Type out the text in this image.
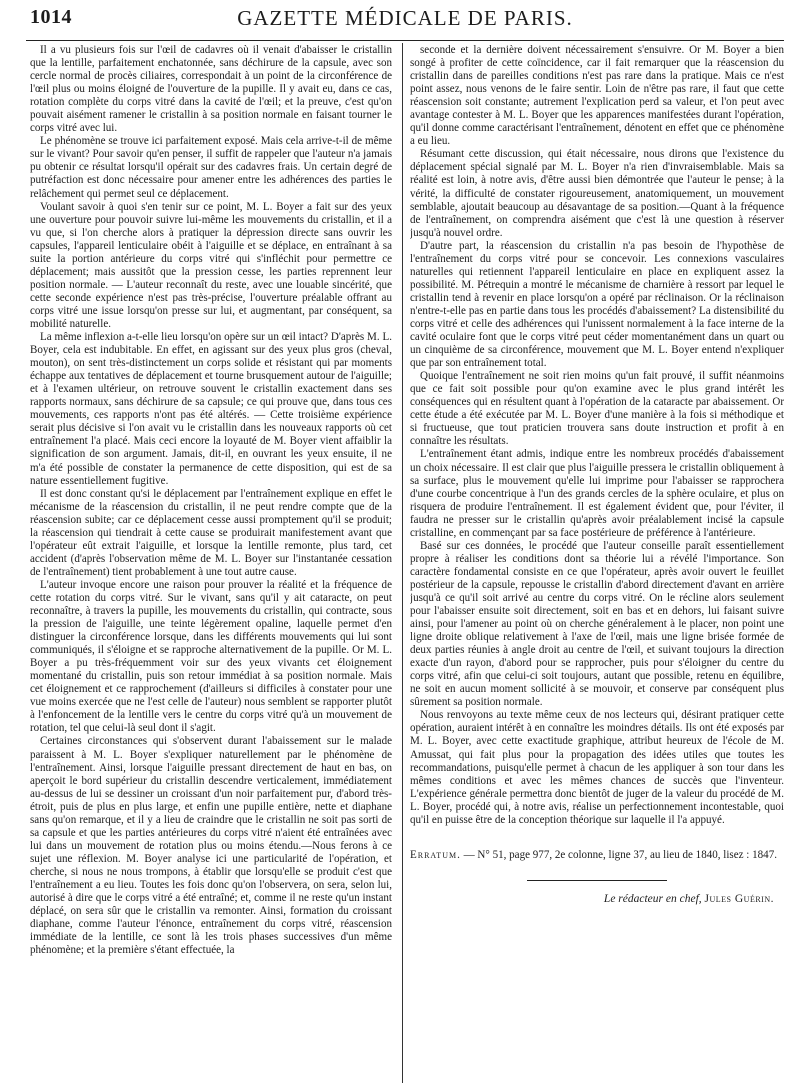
1014	GAZETTE MÉDICALE DE PARIS.

Il a vu plusieurs fois sur l'œil de cadavres où il venait d'abaisser le cristallin que la lentille, parfaitement enchatonnée, sans déchirure de la capsule, avec son cercle normal de procès ciliaires, correspondait à un point de la circonférence de l'œil plus ou moins éloigné de l'ouverture de la pupille. Il y avait eu, dans ce cas, rotation complète du corps vitré dans la cavité de l'œil; et la preuve, c'est qu'on pouvait aisément ramener le cristallin à sa position normale en faisant tourner le corps vitré avec lui.

Le phénomène se trouve ici parfaitement exposé. Mais cela arrive-t-il de même sur le vivant? Pour savoir qu'en penser, il suffit de rappeler que l'auteur n'a jamais pu obtenir ce résultat lorsqu'il opérait sur des cadavres frais. Un certain degré de putréfaction est donc nécessaire pour amener entre les adhérences des parties le relâchement qui permet seul ce déplacement.

Voulant savoir à quoi s'en tenir sur ce point, M. L. Boyer a fait sur des yeux une ouverture pour pouvoir suivre lui-même les mouvements du cristallin, et il a vu que, si l'on cherche alors à pratiquer la dépression directe sans ouvrir les capsules, l'appareil lenticulaire obéit à l'aiguille et se déplace, en entraînant à sa suite la portion antérieure du corps vitré qui s'infléchit pour permettre ce déplacement; mais aussitôt que la pression cesse, les parties reprennent leur position normale. — L'auteur reconnaît du reste, avec une louable sincérité, que cette seconde expérience n'est pas très-précise, l'ouverture préalable offrant au corps vitré une issue lorsqu'on presse sur lui, et augmentant, par conséquent, sa mobilité naturelle.

La même inflexion a-t-elle lieu lorsqu'on opère sur un œil intact? D'après M. L. Boyer, cela est indubitable. En effet, en agissant sur des yeux plus gros (cheval, mouton), on sent très-distinctement un corps solide et résistant qui par moments échappe aux tentatives de déplacement et tourne brusquement autour de l'aiguille; et à l'examen ultérieur, on retrouve souvent le cristallin exactement dans ses rapports normaux, sans déchirure de sa capsule; ce qui prouve que, dans tous ces mouvements, ces rapports n'ont pas été altérés. — Cette troisième expérience serait plus décisive si l'on avait vu le cristallin dans les nouveaux rapports où cet entraînement l'a placé. Mais ceci encore la loyauté de M. Boyer vient affaiblir la signification de son argument. Jamais, dit-il, en ouvrant les yeux ensuite, il ne m'a été possible de constater la permanence de cette disposition, qui est de sa nature essentiellement fugitive.

Il est donc constant qu'si le déplacement par l'entraînement explique en effet le mécanisme de la réascension du cristallin, il ne peut rendre compte que de la réascension subite; car ce déplacement cesse aussi promptement qu'il se produit; la réascension qui tiendrait à cette cause se produirait manifestement avant que l'opérateur eût extrait l'aiguille, et lorsque la lentille remonte, plus tard, cet accident (d'après l'observation même de M. L. Boyer sur l'instantanée cessation de l'entraînement) tient probablement à une tout autre cause.

L'auteur invoque encore une raison pour prouver la réalité et la fréquence de cette rotation du corps vitré. Sur le vivant, sans qu'il y ait cataracte, on peut reconnaître, à travers la pupille, les mouvements du cristallin, qui contracte, sous la pression de l'aiguille, une teinte légèrement opaline, laquelle permet d'en distinguer la circonférence lorsque, dans les différents mouvements qui lui sont communiqués, il s'éloigne et se rapproche alternativement de la pupille. Or M. L. Boyer a pu très-fréquemment voir sur des yeux vivants cet éloignement momentané du cristallin, puis son retour immédiat à sa position normale. Mais cet éloignement et ce rapprochement (d'ailleurs si difficiles à constater pour une vue moins exercée que ne l'est celle de l'auteur) nous semblent se rapporter plutôt à l'enfoncement de la lentille vers le centre du corps vitré qu'à un mouvement de rotation, tel que celui-là seul dont il s'agit.

Certaines circonstances qui s'observent durant l'abaissement sur le malade paraissent à M. L. Boyer s'expliquer naturellement par le phénomène de l'entraînement. Ainsi, lorsque l'aiguille pressant directement de haut en bas, on aperçoit le bord supérieur du cristallin descendre verticalement, immédiatement au-dessus de lui se dessiner un croissant d'un noir parfaitement pur, d'abord très-étroit, puis de plus en plus large, et enfin une pupille entière, nette et diaphane sans qu'on remarque, et il y a lieu de craindre que le cristallin ne soit pas sorti de sa capsule et que les parties antérieures du corps vitré n'aient été entraînées avec lui dans un mouvement de rotation plus ou moins étendu.—Nous ferons à ce sujet une réflexion. M. Boyer analyse ici une particularité de l'opération, et cherche, si nous ne nous trompons, à établir que lorsqu'elle se produit c'est que l'entraînement a eu lieu. Toutes les fois donc qu'on l'observera, on sera, selon lui, autorisé à dire que le corps vitré a été entraîné; et, comme il ne reste qu'un instant déplacé, on sera sûr que le cristallin va remonter. Ainsi, formation du croissant diaphane, comme l'auteur l'énonce, entraînement du corps vitré, réascension immédiate de la lentille, ce sont là les trois phases successives d'un même phénomène; et la première s'étant effectuée, la

seconde et la dernière doivent nécessairement s'ensuivre. Or M. Boyer a bien songé à profiter de cette coïncidence, car il fait remarquer que la réascension du cristallin dans de pareilles conditions n'est pas rare dans la pratique. Mais ce n'est point assez, nous venons de le faire sentir. Loin de n'être pas rare, il faut que cette réascension soit constante; autrement l'explication perd sa valeur, et l'on peut avec avantage contester à M. L. Boyer que les apparences manifestées durant l'opération, qu'il donne comme caractérisant l'entraînement, dénotent en effet que ce phénomène a eu lieu.

Résumant cette discussion, qui était nécessaire, nous dirons que l'existence du déplacement spécial signalé par M. L. Boyer n'a rien d'invraisemblable. Mais sa réalité est loin, à notre avis, d'être aussi bien démontrée que l'auteur le pense; à la vérité, la difficulté de constater rigoureusement, anatomiquement, un mouvement semblable, ajoutait beaucoup au désavantage de sa position.—Quant à la fréquence de l'entraînement, on comprendra aisément que c'est là une question à réserver jusqu'à nouvel ordre.

D'autre part, la réascension du cristallin n'a pas besoin de l'hypothèse de l'entraînement du corps vitré pour se concevoir. Les connexions vasculaires naturelles qui retiennent l'appareil lenticulaire en place en expliquent assez la possibilité. M. Pétrequin a montré le mécanisme de charnière à ressort par lequel le cristallin tend à revenir en place lorsqu'on a opéré par réclinaison. Or la réclinaison n'entre-t-elle pas en partie dans tous les procédés d'abaissement? La distensibilité du corps vitré et celle des adhérences qui l'unissent normalement à la face interne de la cavité oculaire font que le corps vitré peut céder momentanément dans un quart ou un cinquième de sa circonférence, mouvement que M. L. Boyer entend n'expliquer que par son entraînement total.

Quoique l'entraînement ne soit rien moins qu'un fait prouvé, il suffit néanmoins que ce fait soit possible pour qu'on examine avec le plus grand intérêt les conséquences qui en résultent quant à l'opération de la cataracte par abaissement. Or cette étude a été exécutée par M. L. Boyer d'une manière à la fois si méthodique et si fructueuse, que tout praticien trouvera sans doute instruction et profit à en connaître les résultats.

L'entraînement étant admis, indique entre les nombreux procédés d'abaissement un choix nécessaire. Il est clair que plus l'aiguille pressera le cristallin obliquement à sa surface, plus le mouvement qu'elle lui imprime pour l'abaisser se rapprochera d'une courbe concentrique à l'un des grands cercles de la sphère oculaire, et plus on risquera de produire l'entraînement. Il est également évident que, pour l'éviter, il faudra ne presser sur le cristallin qu'après avoir préalablement incisé la capsule cristalline, en commençant par sa face postérieure de préférence à l'antérieure.

Basé sur ces données, le procédé que l'auteur conseille paraît essentiellement propre à réaliser les conditions dont sa théorie lui a révélé l'importance. Son caractère fondamental consiste en ce que l'opérateur, après avoir ouvert le feuillet postérieur de la capsule, repousse le cristallin d'abord directement d'avant en arrière jusqu'à ce qu'il soit arrivé au centre du corps vitré. On le récline alors seulement pour l'abaisser ensuite soit directement, soit en bas et en dehors, lui faisant suivre ainsi, pour l'amener au point où on cherche généralement à le placer, non point une ligne droite oblique relativement à l'axe de l'œil, mais une ligne brisée formée de deux parties réunies à angle droit au centre de l'œil, et suivant toujours la direction exacte d'un rayon, d'abord pour se rapprocher, puis pour s'éloigner du centre du corps vitré, afin que celui-ci soit toujours, autant que possible, retenu en équilibre, ne soit en aucun moment sollicité à se mouvoir, et conserve par conséquent plus sûrement sa position normale.

Nous renvoyons au texte même ceux de nos lecteurs qui, désirant pratiquer cette opération, auraient intérêt à en connaître les moindres détails. Ils ont été exposés par M. L. Boyer, avec cette exactitude graphique, attribut heureux de l'école de M. Amussat, qui fait plus pour la propagation des idées utiles que toutes les recommandations, puisqu'elle permet à chacun de les appliquer à son tour dans les mêmes conditions et avec les mêmes chances de succès que l'inventeur. L'expérience générale permettra donc bientôt de juger de la valeur du procédé de M. L. Boyer, procédé qui, à notre avis, réalise un perfectionnement incontestable, quoi qu'il en puisse être de la conception théorique sur laquelle il l'a appuyé.

Erratum. — N° 51, page 977, 2e colonne, ligne 37, au lieu de 1840, lisez : 1847.

Le rédacteur en chef, Jules Guérin.
